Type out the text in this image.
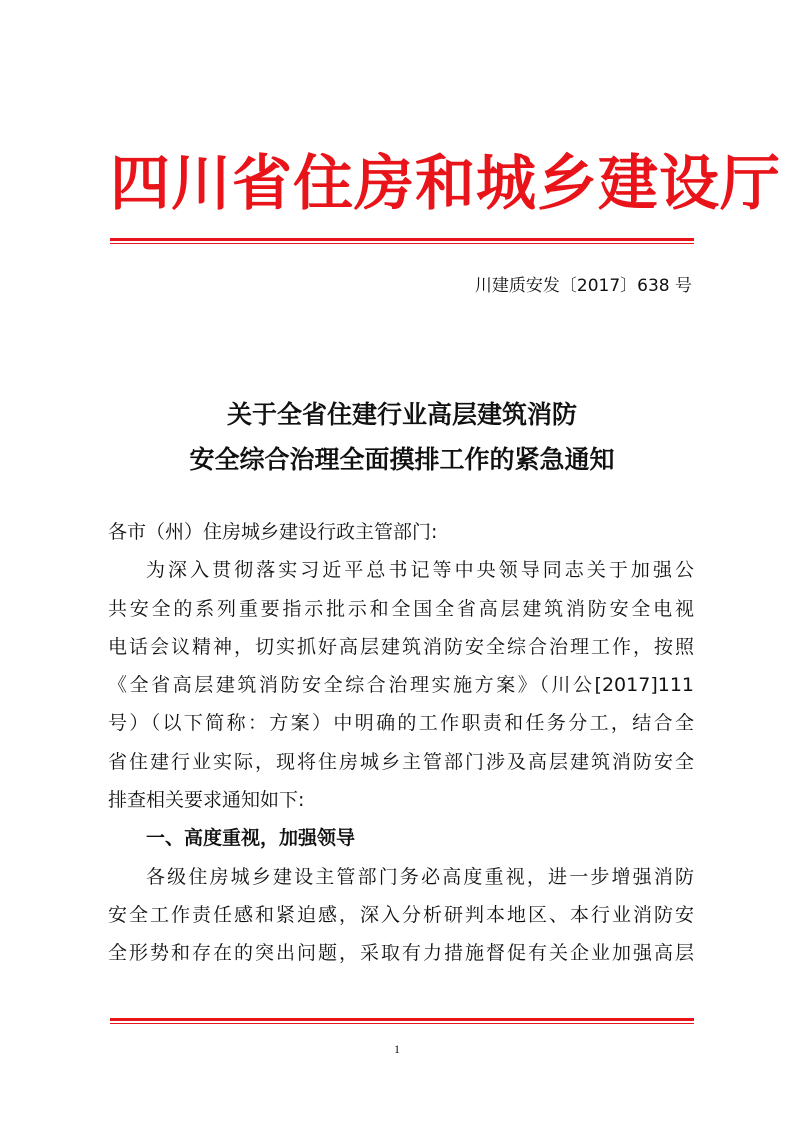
四川省住房和城乡建设厅
川建质安发〔2017〕638 号
关于全省住建行业高层建筑消防
安全综合治理全面摸排工作的紧急通知
各市（州）住房城乡建设行政主管部门:
为深入贯彻落实习近平总书记等中央领导同志关于加强公
共安全的系列重要指示批示和全国全省高层建筑消防安全电视
电话会议精神，切实抓好高层建筑消防安全综合治理工作，按照
《全省高层建筑消防安全综合治理实施方案》（川公[2017]111
号）（以下简称：方案）中明确的工作职责和任务分工，结合全
省住建行业实际，现将住房城乡主管部门涉及高层建筑消防安全
排查相关要求通知如下:
一、高度重视，加强领导
各级住房城乡建设主管部门务必高度重视，进一步增强消防
安全工作责任感和紧迫感，深入分析研判本地区、本行业消防安
全形势和存在的突出问题，采取有力措施督促有关企业加强高层
1
